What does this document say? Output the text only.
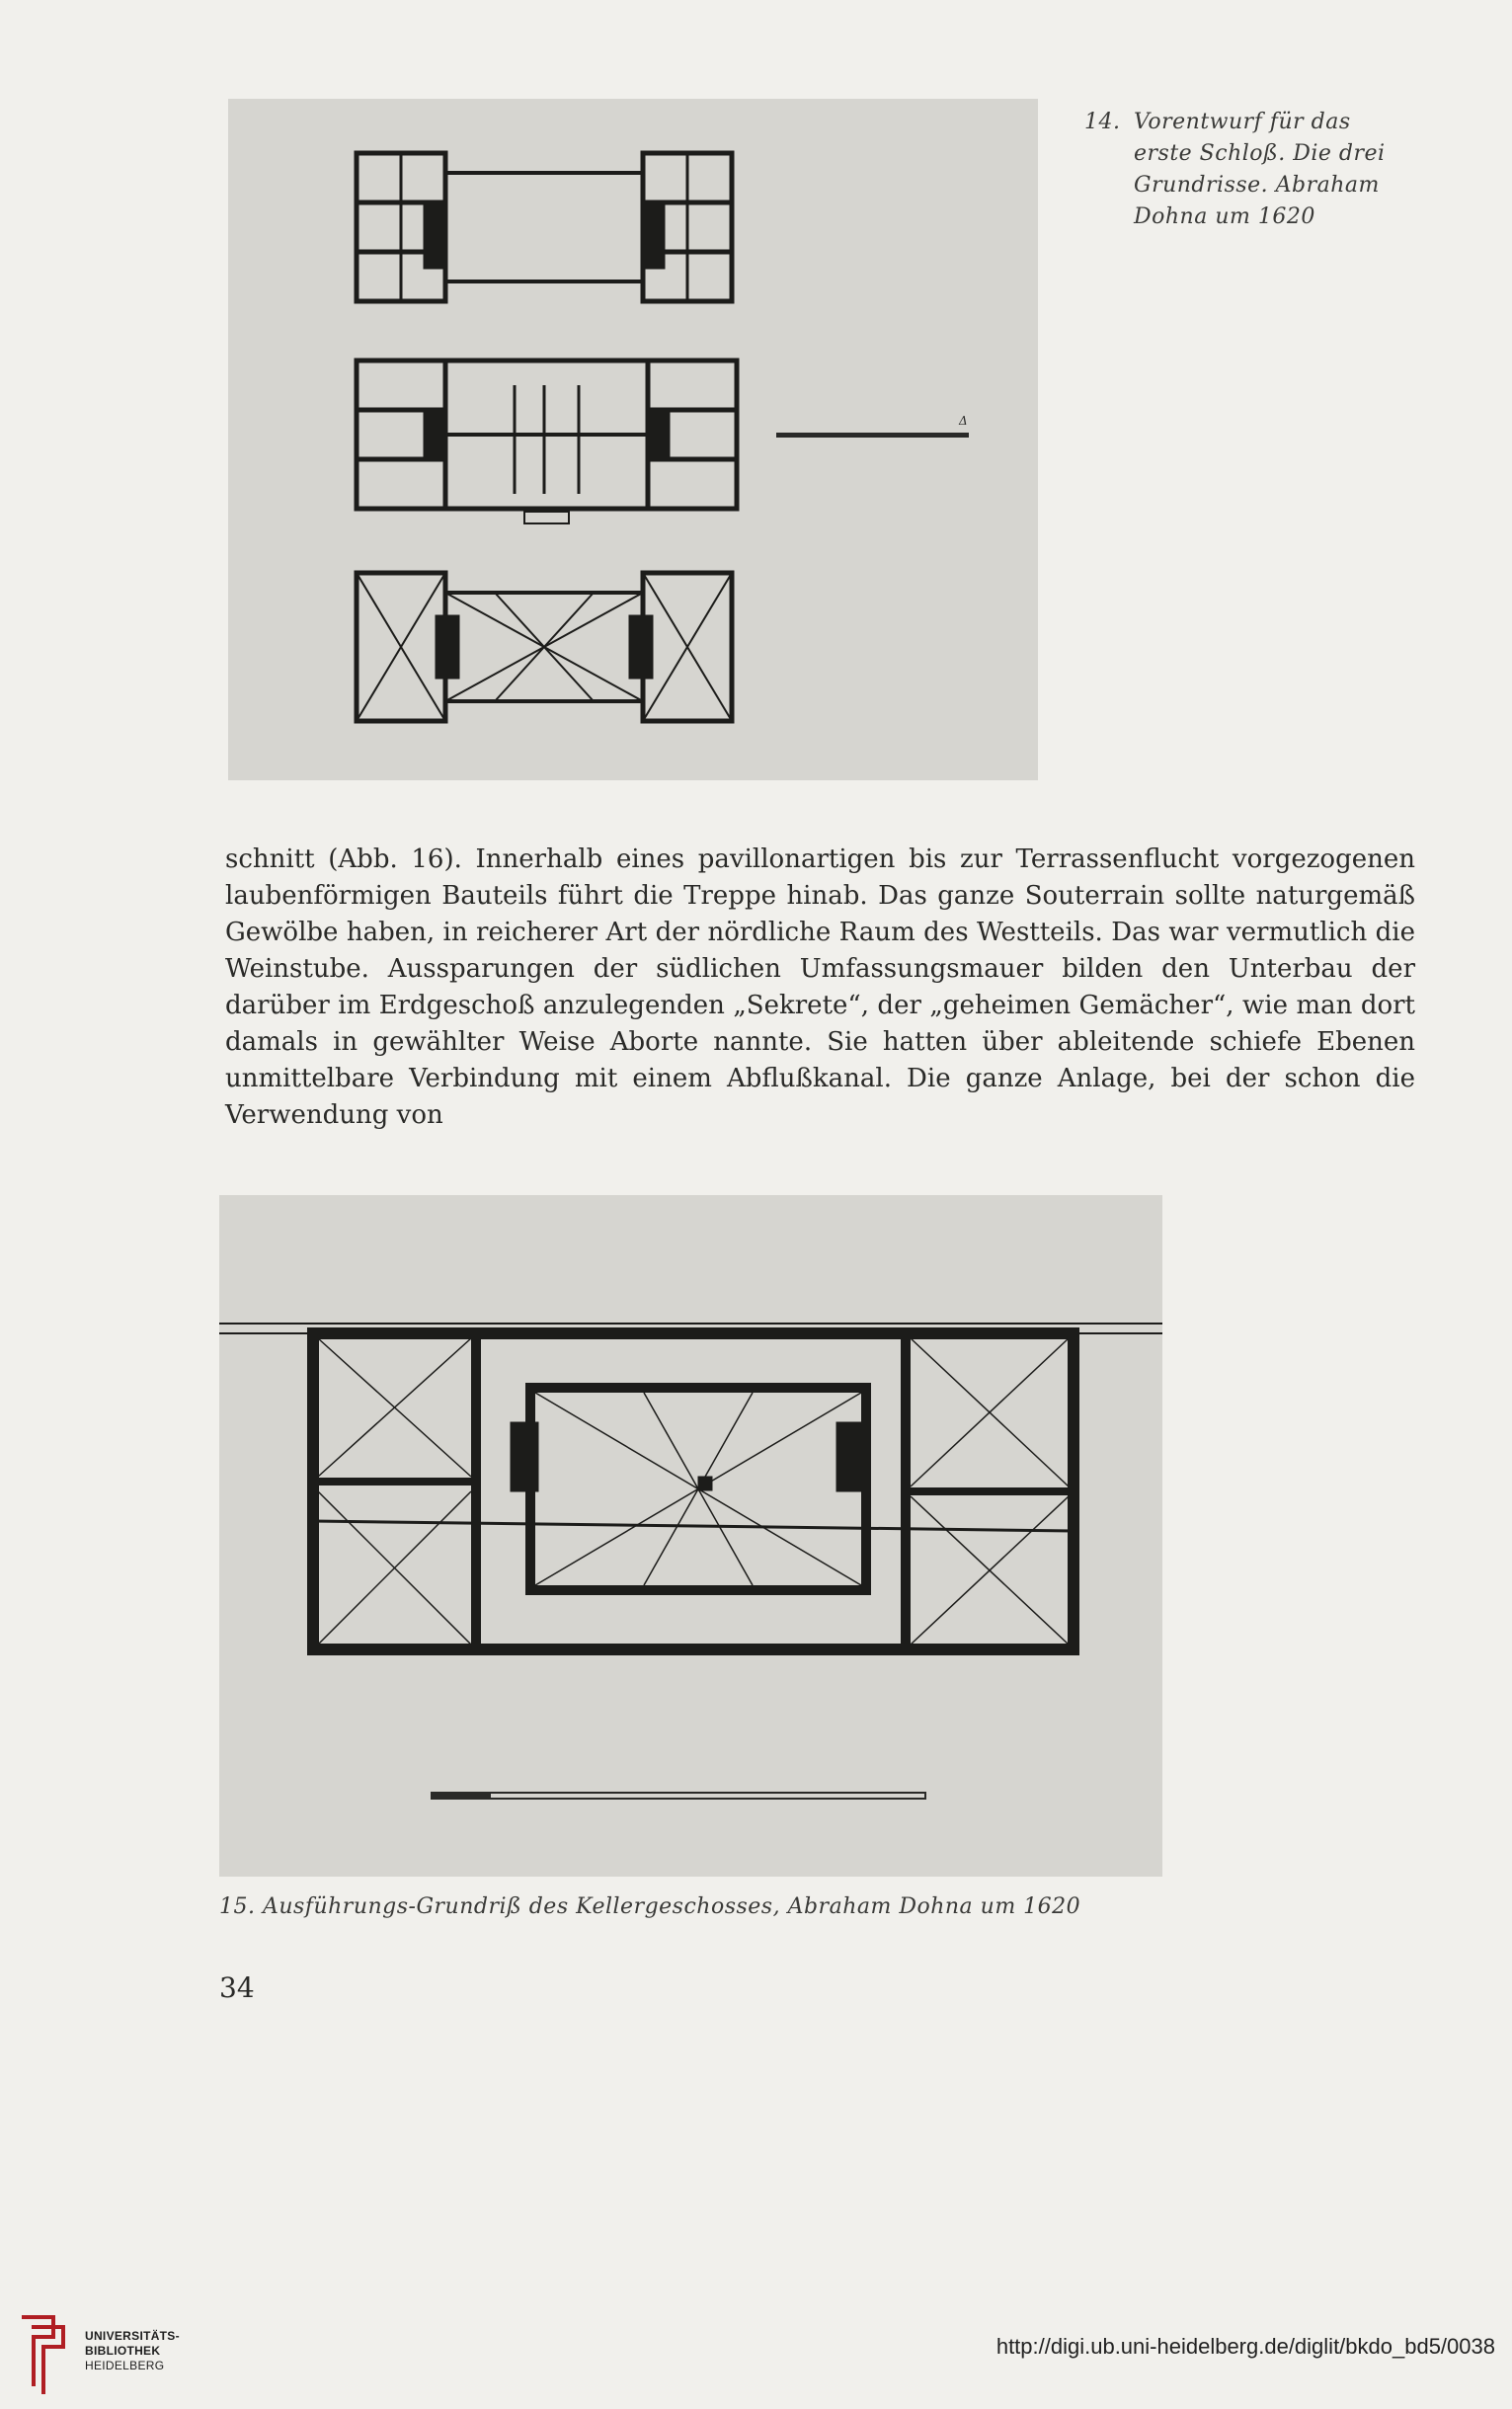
Δ
14. Vorentwurf für das
erste Schloß. Die drei
Grundrisse. Abraham
Dohna um 1620

schnitt (Abb. 16). Innerhalb eines pavillonartigen bis zur Terrassenflucht vorgezogenen laubenförmigen Bauteils führt die Treppe hinab. Das ganze Souterrain sollte naturgemäß Gewölbe haben, in reicherer Art der nördliche Raum des Westteils. Das war vermutlich die Weinstube. Aussparungen der südlichen Umfassungsmauer bilden den Unterbau der darüber im Erdgeschoß anzulegenden „Sekrete“, der „geheimen Gemächer“, wie man dort damals in gewählter Weise Aborte nannte. Sie hatten über ableitende schiefe Ebenen unmittelbare Verbindung mit einem Abflußkanal. Die ganze Anlage, bei der schon die Verwendung von

15. Ausführungs-Grundriß des Kellergeschosses, Abraham Dohna um 1620
34
UNIVERSITÄTS-
BIBLIOTHEK
HEIDELBERG
http://digi.ub.uni-heidelberg.de/diglit/bkdo_bd5/0038
